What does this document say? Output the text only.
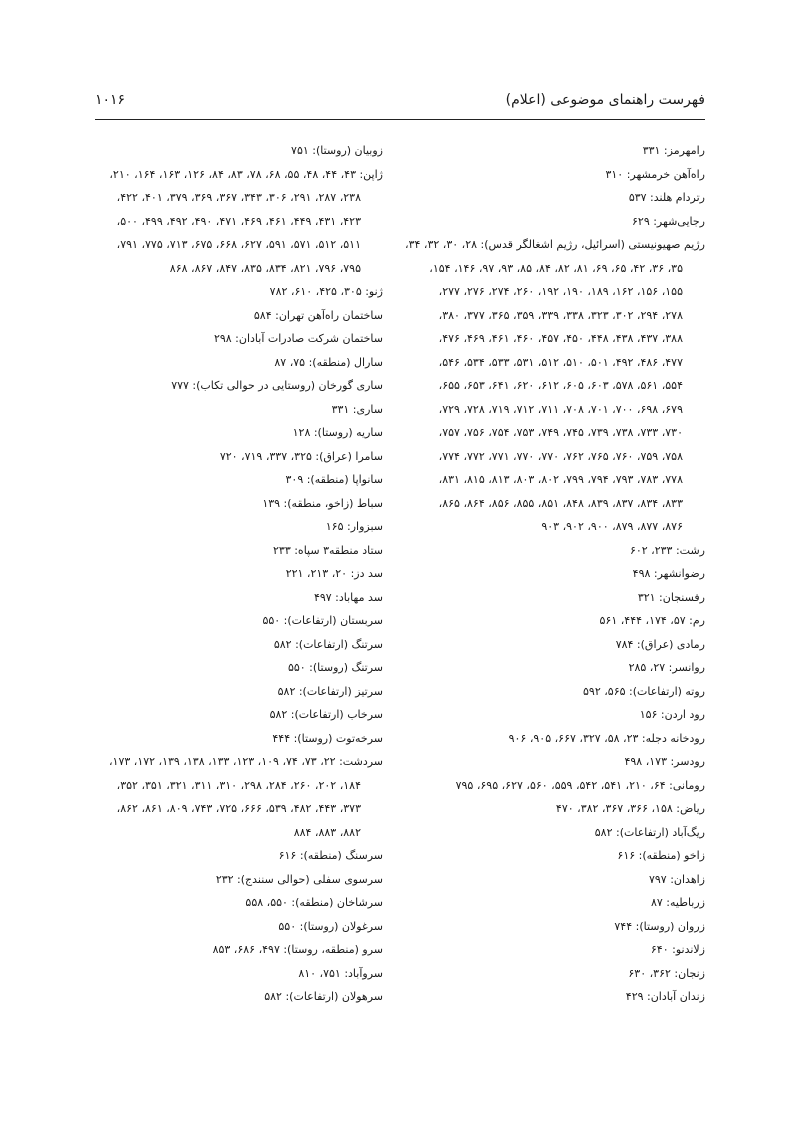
فهرست راهنمای موضوعی (اعلام)
۱۰۱۶
رامهرمز: ۳۳۱
راه‌آهن خرمشهر: ۳۱۰
رتردام هلند: ۵۳۷
رجایی‌شهر: ۶۲۹
رژیم صهیونیستی (اسرائیل، رژیم اشغالگر قدس): ۲۸، ۳۰، ۳۲، ۳۴،
۳۵، ۳۶، ۴۲، ۶۵، ۶۹، ۸۱، ۸۲، ۸۴، ۸۵، ۹۳، ۹۷، ۱۴۶، ۱۵۴،
۱۵۵، ۱۵۶، ۱۶۲، ۱۸۹، ۱۹۰، ۱۹۲، ۲۶۰، ۲۷۴، ۲۷۶، ۲۷۷،
۲۷۸، ۲۹۴، ۳۰۲، ۳۲۳، ۳۳۸، ۳۳۹، ۳۵۹، ۳۶۵، ۳۷۷، ۳۸۰،
۳۸۸، ۴۳۷، ۴۳۸، ۴۴۸، ۴۵۰، ۴۵۷، ۴۶۰، ۴۶۱، ۴۶۹، ۴۷۶،
۴۷۷، ۴۸۶، ۴۹۲، ۵۰۱، ۵۱۰، ۵۱۲، ۵۳۱، ۵۳۳، ۵۳۴، ۵۴۶،
۵۵۴، ۵۶۱، ۵۷۸، ۶۰۳، ۶۰۵، ۶۱۲، ۶۲۰، ۶۴۱، ۶۵۳، ۶۵۵،
۶۷۹، ۶۹۸، ۷۰۰، ۷۰۱، ۷۰۸، ۷۱۱، ۷۱۲، ۷۱۹، ۷۲۸، ۷۲۹،
۷۳۰، ۷۳۳، ۷۳۸، ۷۳۹، ۷۴۵، ۷۴۹، ۷۵۳، ۷۵۴، ۷۵۶، ۷۵۷،
۷۵۸، ۷۵۹، ۷۶۰، ۷۶۵، ۷۶۲، ۷۷۰، ۷۷۰، ۷۷۱، ۷۷۲، ۷۷۴،
۷۷۸، ۷۸۳، ۷۹۳، ۷۹۴، ۷۹۹، ۸۰۲، ۸۰۳، ۸۱۳، ۸۱۵، ۸۳۱،
۸۳۳، ۸۳۴، ۸۳۷، ۸۳۹، ۸۴۸، ۸۵۱، ۸۵۵، ۸۵۶، ۸۶۴، ۸۶۵،
۸۷۶، ۸۷۷، ۸۷۹، ۹۰۰، ۹۰۲، ۹۰۳
رشت: ۲۳۳، ۶۰۲
رضوانشهر: ۴۹۸
رفسنجان: ۳۲۱
رم: ۵۷، ۱۷۴، ۴۴۴، ۵۶۱
رمادی (عراق): ۷۸۴
روانسر: ۲۷، ۲۸۵
روته (ارتفاعات): ۵۶۵، ۵۹۲
رود اردن: ۱۵۶
رودخانه دجله: ۲۳، ۵۸، ۳۲۷، ۶۶۷، ۹۰۵، ۹۰۶
رودسر: ۱۷۳، ۴۹۸
رومانی: ۶۴، ۲۱۰، ۵۴۱، ۵۴۲، ۵۵۹، ۵۶۰، ۶۲۷، ۶۹۵، ۷۹۵
ریاض: ۱۵۸، ۳۶۶، ۳۶۷، ۳۸۲، ۴۷۰
ریگ‌آباد (ارتفاعات): ۵۸۲
زاخو (منطقه): ۶۱۶
زاهدان: ۷۹۷
زرباطیه: ۸۷
زروان (روستا): ۷۴۴
زلاندنو: ۶۴۰
زنجان: ۳۶۲، ۶۳۰
زندان آبادان: ۴۲۹
زوبیان (روستا): ۷۵۱
ژاپن: ۴۳، ۴۴، ۴۸، ۵۵، ۶۸، ۷۸، ۸۳، ۸۴، ۱۲۶، ۱۶۳، ۱۶۴، ۲۱۰،
۲۳۸، ۲۸۷، ۲۹۱، ۳۰۶، ۳۴۳، ۳۶۷، ۳۶۹، ۳۷۹، ۴۰۱، ۴۲۲،
۴۲۳، ۴۳۱، ۴۴۹، ۴۶۱، ۴۶۹، ۴۷۱، ۴۹۰، ۴۹۲، ۴۹۹، ۵۰۰،
۵۱۱، ۵۱۲، ۵۷۱، ۵۹۱، ۶۲۷، ۶۶۸، ۶۷۵، ۷۱۳، ۷۷۵، ۷۹۱،
۷۹۵، ۷۹۶، ۸۲۱، ۸۳۴، ۸۳۵، ۸۴۷، ۸۶۷، ۸۶۸
ژنو: ۳۰۵، ۴۲۵، ۶۱۰، ۷۸۲
ساختمان راه‌آهن تهران: ۵۸۴
ساختمان شرکت صادرات آبادان: ۲۹۸
سارال (منطقه): ۷۵، ۸۷
ساری گورخان (روستایی در حوالی تکاب): ۷۷۷
ساری: ۳۳۱
ساریه (روستا): ۱۲۸
سامرا (عراق): ۳۲۵، ۳۳۷، ۷۱۹، ۷۲۰
سانواپا (منطقه): ۳۰۹
سباط (زاخو، منطقه): ۱۳۹
سبزوار: ۱۶۵
ستاد منطقه۳ سپاه: ۲۳۳
سد دز: ۲۰، ۲۱۳، ۲۲۱
سد مهاباد: ۴۹۷
سربستان (ارتفاعات): ۵۵۰
سرتنگ (ارتفاعات): ۵۸۲
سرتنگ (روستا): ۵۵۰
سرتیز (ارتفاعات): ۵۸۲
سرخاب (ارتفاعات): ۵۸۲
سرخه‌توت (روستا): ۴۴۴
سردشت: ۲۲، ۷۳، ۷۴، ۱۰۹، ۱۲۳، ۱۳۳، ۱۳۸، ۱۳۹، ۱۷۲، ۱۷۳،
۱۸۴، ۲۰۲، ۲۶۰، ۲۸۴، ۲۹۸، ۳۱۰، ۳۱۱، ۳۲۱، ۳۵۱، ۳۵۲،
۳۷۳، ۴۴۳، ۴۸۲، ۵۳۹، ۶۶۶، ۷۲۵، ۷۴۳، ۸۰۹، ۸۶۱، ۸۶۲،
۸۸۲، ۸۸۳، ۸۸۴
سرسنگ (منطقه): ۶۱۶
سرسوی سفلی (حوالی سنندج): ۲۳۲
سرشاخان (منطقه): ۵۵۰، ۵۵۸
سرغولان (روستا): ۵۵۰
سرو (منطقه، روستا): ۴۹۷، ۶۸۶، ۸۵۳
سروآباد: ۷۵۱، ۸۱۰
سرهولان (ارتفاعات): ۵۸۲
